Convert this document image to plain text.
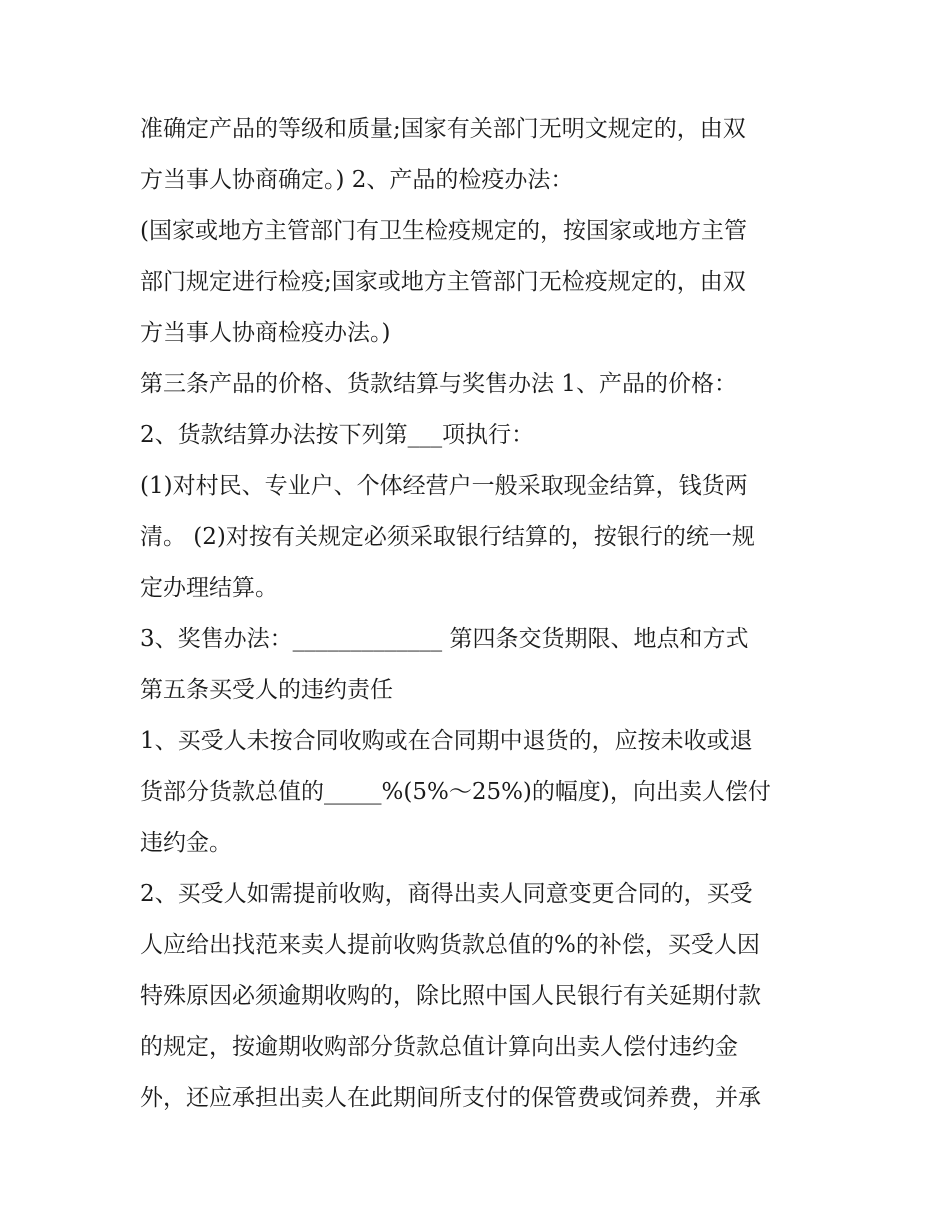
准确定产品的等级和质量;国家有关部门无明文规定的，由双
方当事人协商确定。) 2、产品的检疫办法：
(国家或地方主管部门有卫生检疫规定的，按国家或地方主管
部门规定进行检疫;国家或地方主管部门无检疫规定的，由双
方当事人协商检疫办法。)
第三条产品的价格、货款结算与奖售办法 1、产品的价格：
2、货款结算办法按下列第___项执行：
(1)对村民、专业户、个体经营户一般采取现金结算，钱货两
清。 (2)对按有关规定必须采取银行结算的，按银行的统一规
定办理结算。
3、奖售办法：_____________ 第四条交货期限、地点和方式
第五条买受人的违约责任
1、买受人未按合同收购或在合同期中退货的，应按未收或退
货部分货款总值的_____%(5%～25%)的幅度)，向出卖人偿付
违约金。
2、买受人如需提前收购，商得出卖人同意变更合同的，买受
人应给出找范来卖人提前收购货款总值的%的补偿，买受人因
特殊原因必须逾期收购的，除比照中国人民银行有关延期付款
的规定，按逾期收购部分货款总值计算向出卖人偿付违约金
外，还应承担出卖人在此期间所支付的保管费或饲养费，并承
